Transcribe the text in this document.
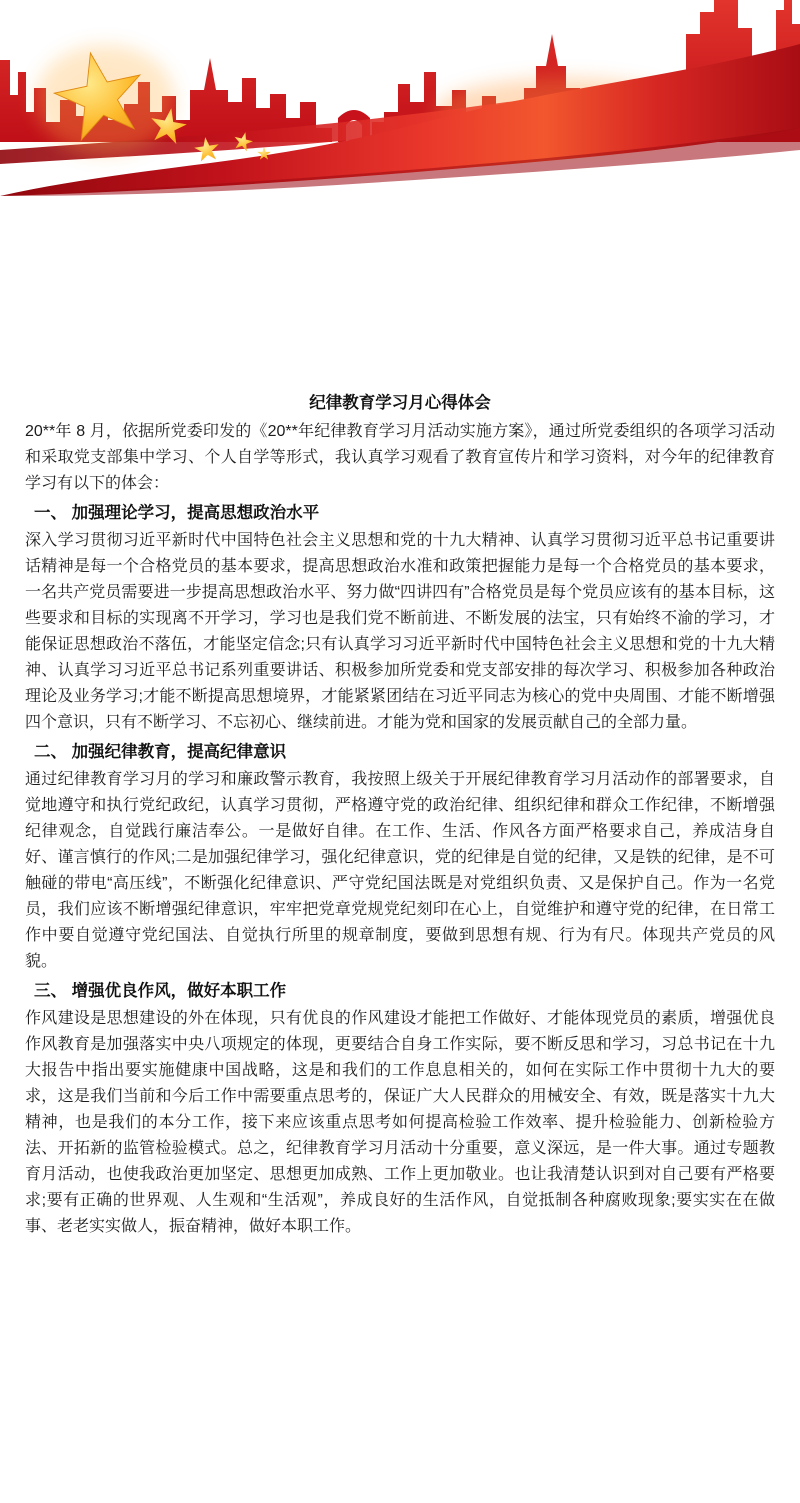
纪律教育学习月心得体会

20**年 8 月，依据所党委印发的《20**年纪律教育学习月活动实施方案》，通过所党委组织的各项学习活动和采取党支部集中学习、个人自学等形式，我认真学习观看了教育宣传片和学习资料，对今年的纪律教育学习有以下的体会：

一、 加强理论学习，提高思想政治水平

深入学习贯彻习近平新时代中国特色社会主义思想和党的十九大精神、认真学习贯彻习近平总书记重要讲话精神是每一个合格党员的基本要求，提高思想政治水准和政策把握能力是每一个合格党员的基本要求，一名共产党员需要进一步提高思想政治水平、努力做“四讲四有”合格党员是每个党员应该有的基本目标，这些要求和目标的实现离不开学习，学习也是我们党不断前进、不断发展的法宝，只有始终不渝的学习，才能保证思想政治不落伍，才能坚定信念;只有认真学习习近平新时代中国特色社会主义思想和党的十九大精神、认真学习习近平总书记系列重要讲话、积极参加所党委和党支部安排的每次学习、积极参加各种政治理论及业务学习;才能不断提高思想境界，才能紧紧团结在习近平同志为核心的党中央周围、才能不断增强四个意识，只有不断学习、不忘初心、继续前进。才能为党和国家的发展贡献自己的全部力量。

二、 加强纪律教育，提高纪律意识

通过纪律教育学习月的学习和廉政警示教育，我按照上级关于开展纪律教育学习月活动作的部署要求，自觉地遵守和执行党纪政纪，认真学习贯彻，严格遵守党的政治纪律、组织纪律和群众工作纪律，不断增强纪律观念，自觉践行廉洁奉公。一是做好自律。在工作、生活、作风各方面严格要求自己，养成洁身自好、谨言慎行的作风;二是加强纪律学习，强化纪律意识，党的纪律是自觉的纪律，又是铁的纪律，是不可触碰的带电“高压线”，不断强化纪律意识、严守党纪国法既是对党组织负责、又是保护自己。作为一名党员，我们应该不断增强纪律意识，牢牢把党章党规党纪刻印在心上，自觉维护和遵守党的纪律，在日常工作中要自觉遵守党纪国法、自觉执行所里的规章制度，要做到思想有规、行为有尺。体现共产党员的风貌。

三、 增强优良作风，做好本职工作

作风建设是思想建设的外在体现，只有优良的作风建设才能把工作做好、才能体现党员的素质，增强优良作风教育是加强落实中央八项规定的体现，更要结合自身工作实际，要不断反思和学习，习总书记在十九大报告中指出要实施健康中国战略，这是和我们的工作息息相关的，如何在实际工作中贯彻十九大的要求，这是我们当前和今后工作中需要重点思考的，保证广大人民群众的用械安全、有效，既是落实十九大精神，也是我们的本分工作，接下来应该重点思考如何提高检验工作效率、提升检验能力、创新检验方法、开拓新的监管检验模式。总之，纪律教育学习月活动十分重要，意义深远，是一件大事。通过专题教育月活动，也使我政治更加坚定、思想更加成熟、工作上更加敬业。也让我清楚认识到对自己要有严格要求;要有正确的世界观、人生观和“生活观”，养成良好的生活作风，自觉抵制各种腐败现象;要实实在在做事、老老实实做人，振奋精神，做好本职工作。
